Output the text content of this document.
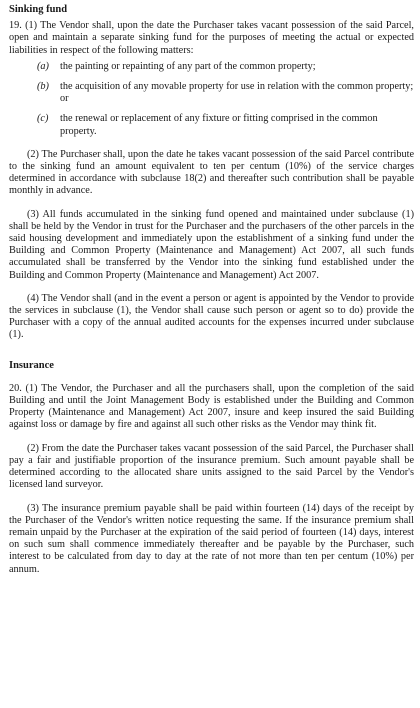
Sinking fund

19. (1) The Vendor shall, upon the date the Purchaser takes vacant possession of the said Parcel, open and maintain a separate sinking fund for the purposes of meeting the actual or expected liabilities in respect of the following matters:

(a)	the painting or repainting of any part of the common property;
(b)	the acquisition of any movable property for use in relation with the common property; or
(c)	the renewal or replacement of any fixture or fitting comprised in the common property.

(2) The Purchaser shall, upon the date he takes vacant possession of the said Parcel contribute to the sinking fund an amount equivalent to ten per centum (10%) of the service charges determined in accordance with subclause 18(2) and thereafter such contribution shall be payable monthly in advance.

(3) All funds accumulated in the sinking fund opened and maintained under subclause (1) shall be held by the Vendor in trust for the Purchaser and the purchasers of the other parcels in the said housing development and immediately upon the establishment of a sinking fund under the Building and Common Property (Maintenance and Management) Act 2007, all such funds accumulated shall be transferred by the Vendor into the sinking fund established under the Building and Common Property (Maintenance and Management) Act 2007.

(4) The Vendor shall (and in the event a person or agent is appointed by the Vendor to provide the services in subclause (1), the Vendor shall cause such person or agent so to do) provide the Purchaser with a copy of the annual audited accounts for the expenses incurred under subclause (1).

Insurance

20. (1) The Vendor, the Purchaser and all the purchasers shall, upon the completion of the said Building and until the Joint Management Body is established under the Building and Common Property (Maintenance and Management) Act 2007, insure and keep insured the said Building against loss or damage by fire and against all such other risks as the Vendor may think fit.

(2) From the date the Purchaser takes vacant possession of the said Parcel, the Purchaser shall pay a fair and justifiable proportion of the insurance premium. Such amount payable shall be determined according to the allocated share units assigned to the said Parcel by the Vendor's licensed land surveyor.

(3) The insurance premium payable shall be paid within fourteen (14) days of the receipt by the Purchaser of the Vendor's written notice requesting the same. If the insurance premium shall remain unpaid by the Purchaser at the expiration of the said period of fourteen (14) days, interest on such sum shall commence immediately thereafter and be payable by the Purchaser, such interest to be calculated from day to day at the rate of not more than ten per centum (10%) per annum.
